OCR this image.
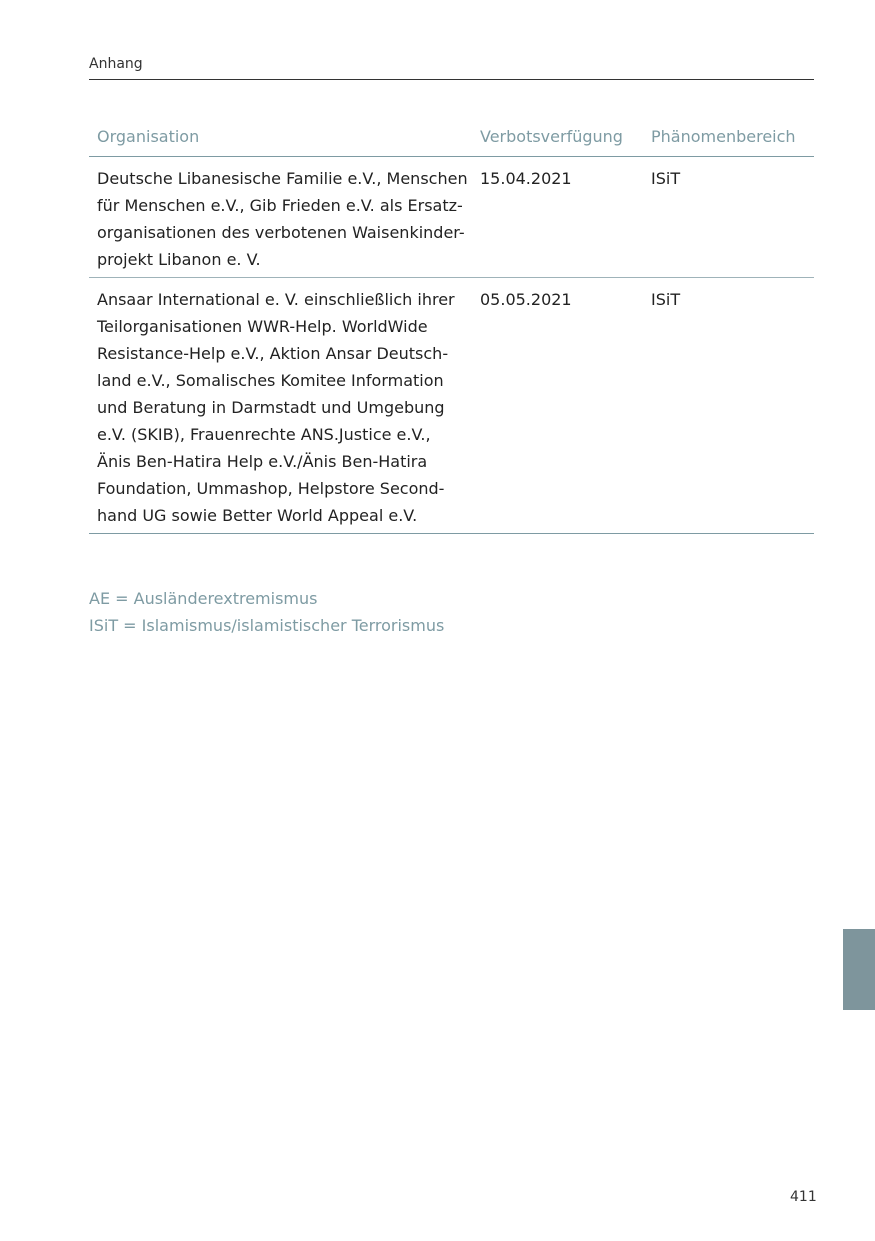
Anhang
Organisation	Verbotsverfügung Phänomenbereich
Deutsche Libanesische Familie e.V., Menschen
für Menschen e.V., Gib Frieden e.V. als Ersatz-
organisationen des verbotenen Waisenkinder-
projekt Libanon e. V.
15.04.2021	ISiT
Ansaar International e. V. einschließlich ihrer
Teilorganisationen WWR-Help. WorldWide
Resistance-Help e.V., Aktion Ansar Deutsch-
land e.V., Somalisches Komitee Information
und Beratung in Darmstadt und Umgebung
e.V. (SKIB), Frauenrechte ANS.Justice e.V.,
Änis Ben-Hatira Help e.V./Änis Ben-Hatira
Foundation, Ummashop, Helpstore Second-
hand UG sowie Better World Appeal e.V.
05.05.2021	ISiT
AE = Ausländerextremismus
ISiT = Islamismus/islamistischer Terrorismus
411
